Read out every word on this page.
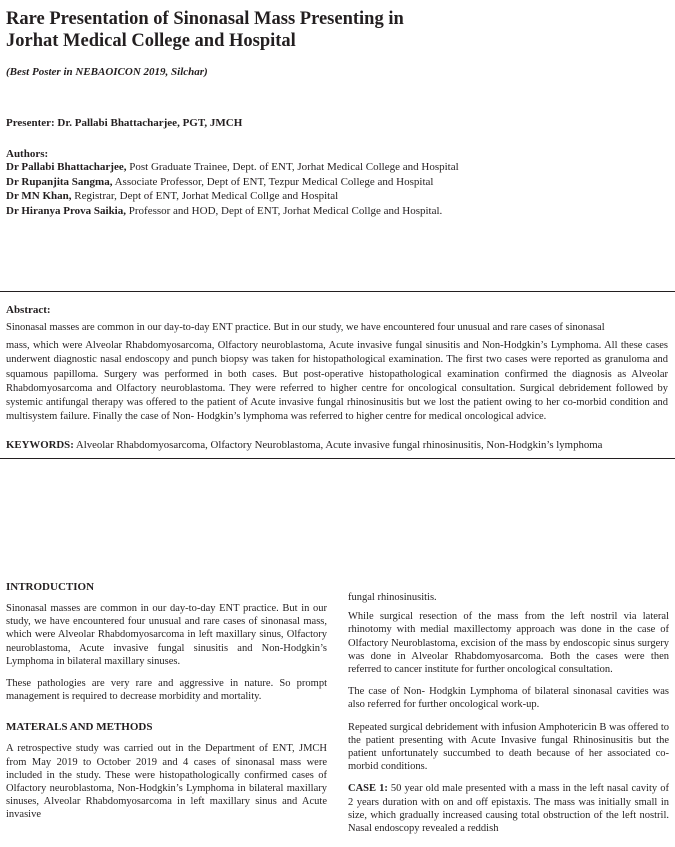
Rare Presentation of Sinonasal Mass Presenting in
Jorhat Medical College and Hospital
(Best Poster in NEBAOICON 2019, Silchar)
Presenter: Dr. Pallabi Bhattacharjee, PGT, JMCH
Authors:
Dr Pallabi Bhattacharjee, Post Graduate Trainee, Dept. of ENT, Jorhat Medical College and Hospital
Dr Rupanjita Sangma, Associate Professor, Dept of ENT, Tezpur Medical College and Hospital
Dr MN Khan, Registrar, Dept of ENT, Jorhat Medical Collge and Hospital
Dr Hiranya Prova Saikia, Professor and HOD, Dept of ENT, Jorhat Medical Collge and Hospital.
Abstract:
Sinonasal masses are common in our day-to-day ENT practice. But in our study, we have encountered four unusual and rare cases of sinonasal
mass, which were Alveolar Rhabdomyosarcoma, Olfactory neuroblastoma, Acute invasive fungal sinusitis and Non-Hodgkin’s Lymphoma. All these cases underwent diagnostic nasal endoscopy and punch biopsy was taken for histopathological examination. The first two cases were reported as granuloma and squamous papilloma. Surgery was performed in both cases. But post-operative histopathological examination confirmed the diagnosis as Alveolar Rhabdomyosarcoma and Olfactory neuroblastoma. They were referred to higher centre for oncological consultation. Surgical debridement followed by systemic antifungal therapy was offered to the patient of Acute invasive fungal rhinosinusitis but we lost the patient owing to her co-morbid condition and multisystem failure. Finally the case of Non- Hodgkin’s lymphoma was referred to higher centre for medical oncological advice.
KEYWORDS: Alveolar Rhabdomyosarcoma, Olfactory Neuroblastoma, Acute invasive fungal rhinosinusitis, Non-Hodgkin’s lymphoma
INTRODUCTION

Sinonasal masses are common in our day-to-day ENT practice. But in our study, we have encountered four unusual and rare cases of sinonasal mass, which were Alveolar Rhabdomyosarcoma in left maxillary sinus, Olfactory neuroblastoma, Acute invasive fungal sinusitis and Non-Hodgkin’s Lymphoma in bilateral maxillary sinuses.

These pathologies are very rare and aggressive in nature. So prompt management is required to decrease morbidity and mortality.

MATERALS AND METHODS

A retrospective study was carried out in the Department of ENT, JMCH from May 2019 to October 2019 and 4 cases of sinonasal mass were included in the study. These were histopathologically confirmed cases of Olfactory neuroblastoma, Non-Hodgkin’s Lymphoma in bilateral maxillary sinuses, Alveolar Rhabdomyosarcoma in left maxillary sinus and Acute invasive

fungal rhinosinusitis.

While surgical resection of the mass from the left nostril via lateral rhinotomy with medial maxillectomy approach was done in the case of Olfactory Neuroblastoma, excision of the mass by endoscopic sinus surgery was done in Alveolar Rhabdomyosarcoma. Both the cases were then referred to cancer institute for further oncological consultation.

The case of Non- Hodgkin Lymphoma of bilateral sinonasal cavities was also referred for further oncological work-up.

Repeated surgical debridement with infusion Amphotericin B was offered to the patient presenting with Acute Invasive fungal Rhinosinusitis but the patient unfortunately succumbed to death because of her associated co- morbid conditions.

CASE 1: 50 year old male presented with a mass in the left nasal cavity of 2 years duration with on and off epistaxis. The mass was initially small in size, which gradually increased causing total obstruction of the left nostril. Nasal endoscopy revealed a reddish
